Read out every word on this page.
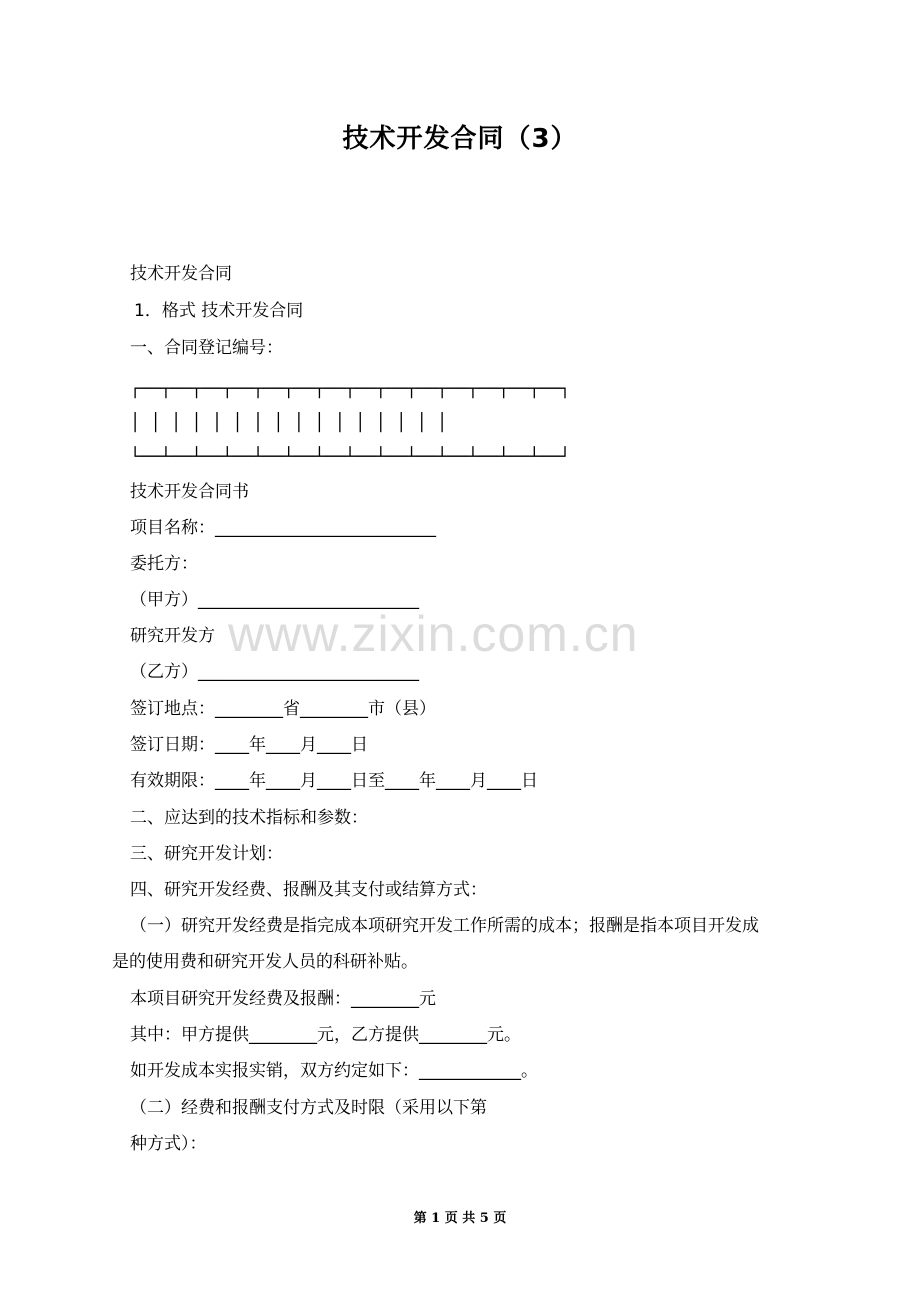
技术开发合同（3）
技术开发合同
1．格式 技术开发合同
一、合同登记编号：
┌──┬──┬──┬──┬──┬──┬──┬──┬──┬──┬──┬──┬──┬──┐
│ │ │ │ │ │ │ │ │ │ │ │ │ │ │ │
└──┴──┴──┴──┴──┴──┴──┴──┴──┴──┴──┴──┴──┴──┘
技术开发合同书
项目名称：__________________________
委托方：
（甲方）__________________________
研究开发方
（乙方）__________________________
签订地点：________省________市（县）
签订日期：____年____月____日
有效期限：____年____月____日至____年____月____日
二、应达到的技术指标和参数：
三、研究开发计划：
四、研究开发经费、报酬及其支付或结算方式：
（一）研究开发经费是指完成本项研究开发工作所需的成本；报酬是指本项目开发成
是的使用费和研究开发人员的科研补贴。
本项目研究开发经费及报酬：________元
其中：甲方提供________元，乙方提供________元。
如开发成本实报实销，双方约定如下：____________。
（二）经费和报酬支付方式及时限（采用以下第
种方式）：
www.zixin.com.cn
第 1 页 共 5 页
